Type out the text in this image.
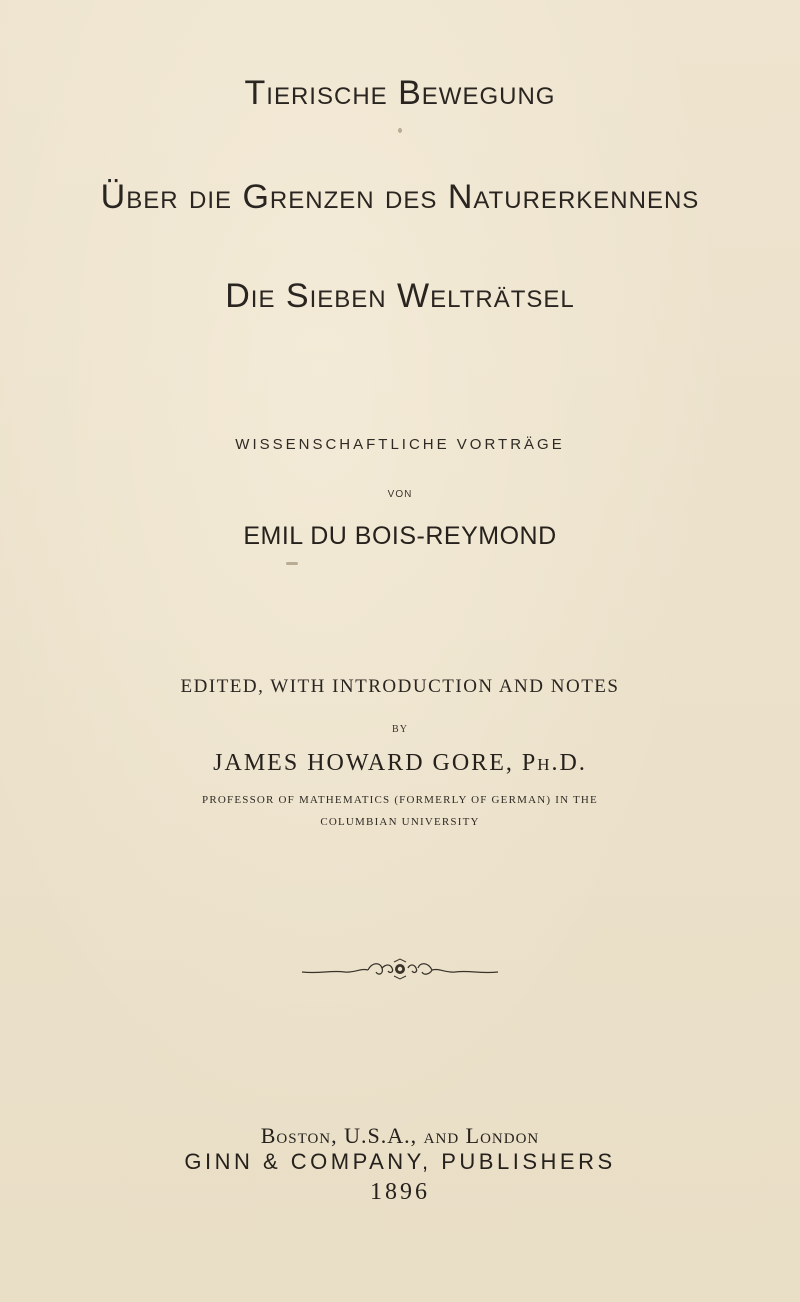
Tierische Bewegung
Über die Grenzen des Naturerkennens
Die Sieben Welträtsel
WISSENSCHAFTLICHE VORTRÄGE
VON
EMIL DU BOIS-REYMOND
EDITED, WITH INTRODUCTION AND NOTES
BY
JAMES HOWARD GORE, Ph.D.
PROFESSOR OF MATHEMATICS (FORMERLY OF GERMAN) IN THE
COLUMBIAN UNIVERSITY
Boston, U.S.A., and London
GINN & COMPANY, PUBLISHERS
1896
